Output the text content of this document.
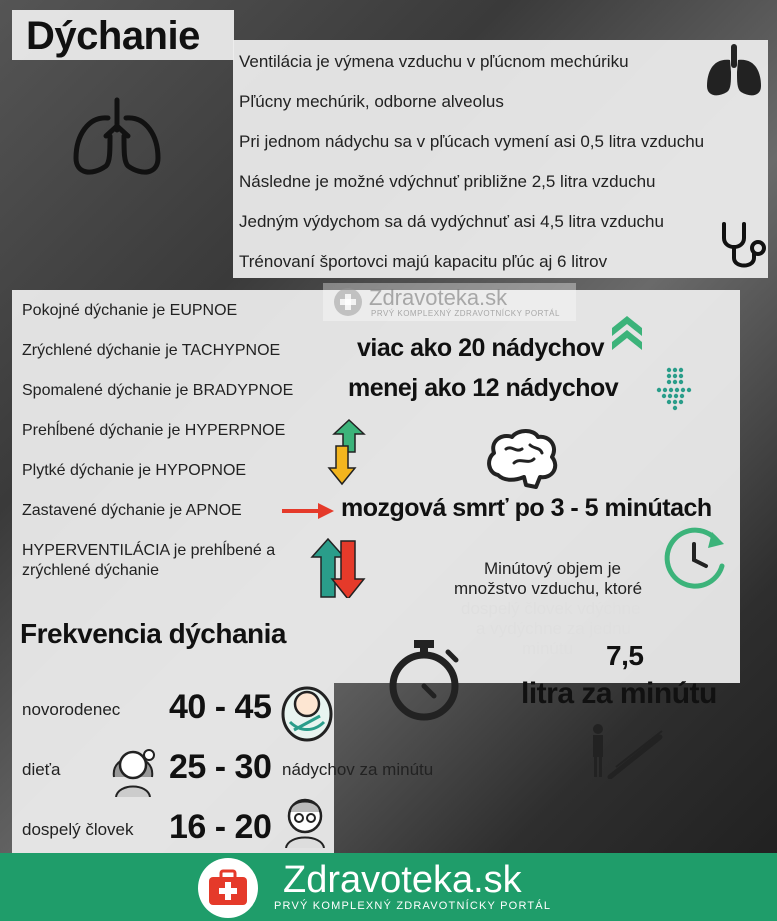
Dýchanie
Ventilácia je výmena vzduchu v pľúcnom mechúriku
Pľúcny mechúrik, odborne alveolus
Pri jednom nádychu sa v pľúcach vymení asi 0,5 litra vzduchu
Následne je možné vdýchnuť približne 2,5 litra vzduchu
Jedným výdychom sa dá vydýchnuť asi 4,5 litra vzduchu
Trénovaní športovci majú kapacitu pľúc aj 6 litrov
Zdravoteka.sk
PRVÝ KOMPLEXNÝ ZDRAVOTNÍCKY PORTÁL
Pokojné dýchanie je EUPNOE
Zrýchlené dýchanie je TACHYPNOE
Spomalené dýchanie je BRADYPNOE
Prehĺbené dýchanie je HYPERPNOE
Plytké dýchanie je HYPOPNOE
Zastavené dýchanie je APNOE
HYPERVENTILÁCIA je prehĺbené a
zrýchlené dýchanie
viac ako 20 nádychov
menej ako 12 nádychov
mozgová smrť po 3 - 5 minútach
Minútový objem je
množstvo vzduchu, ktoré
Frekvencia dýchania
7,5
litra za minútu
novorodenec 40 - 45
dieťa	25 - 30 nádychov za minútu
dospelý človek 16 - 20
Zdravoteka.sk
PRVÝ KOMPLEXNÝ ZDRAVOTNÍCKY PORTÁL
